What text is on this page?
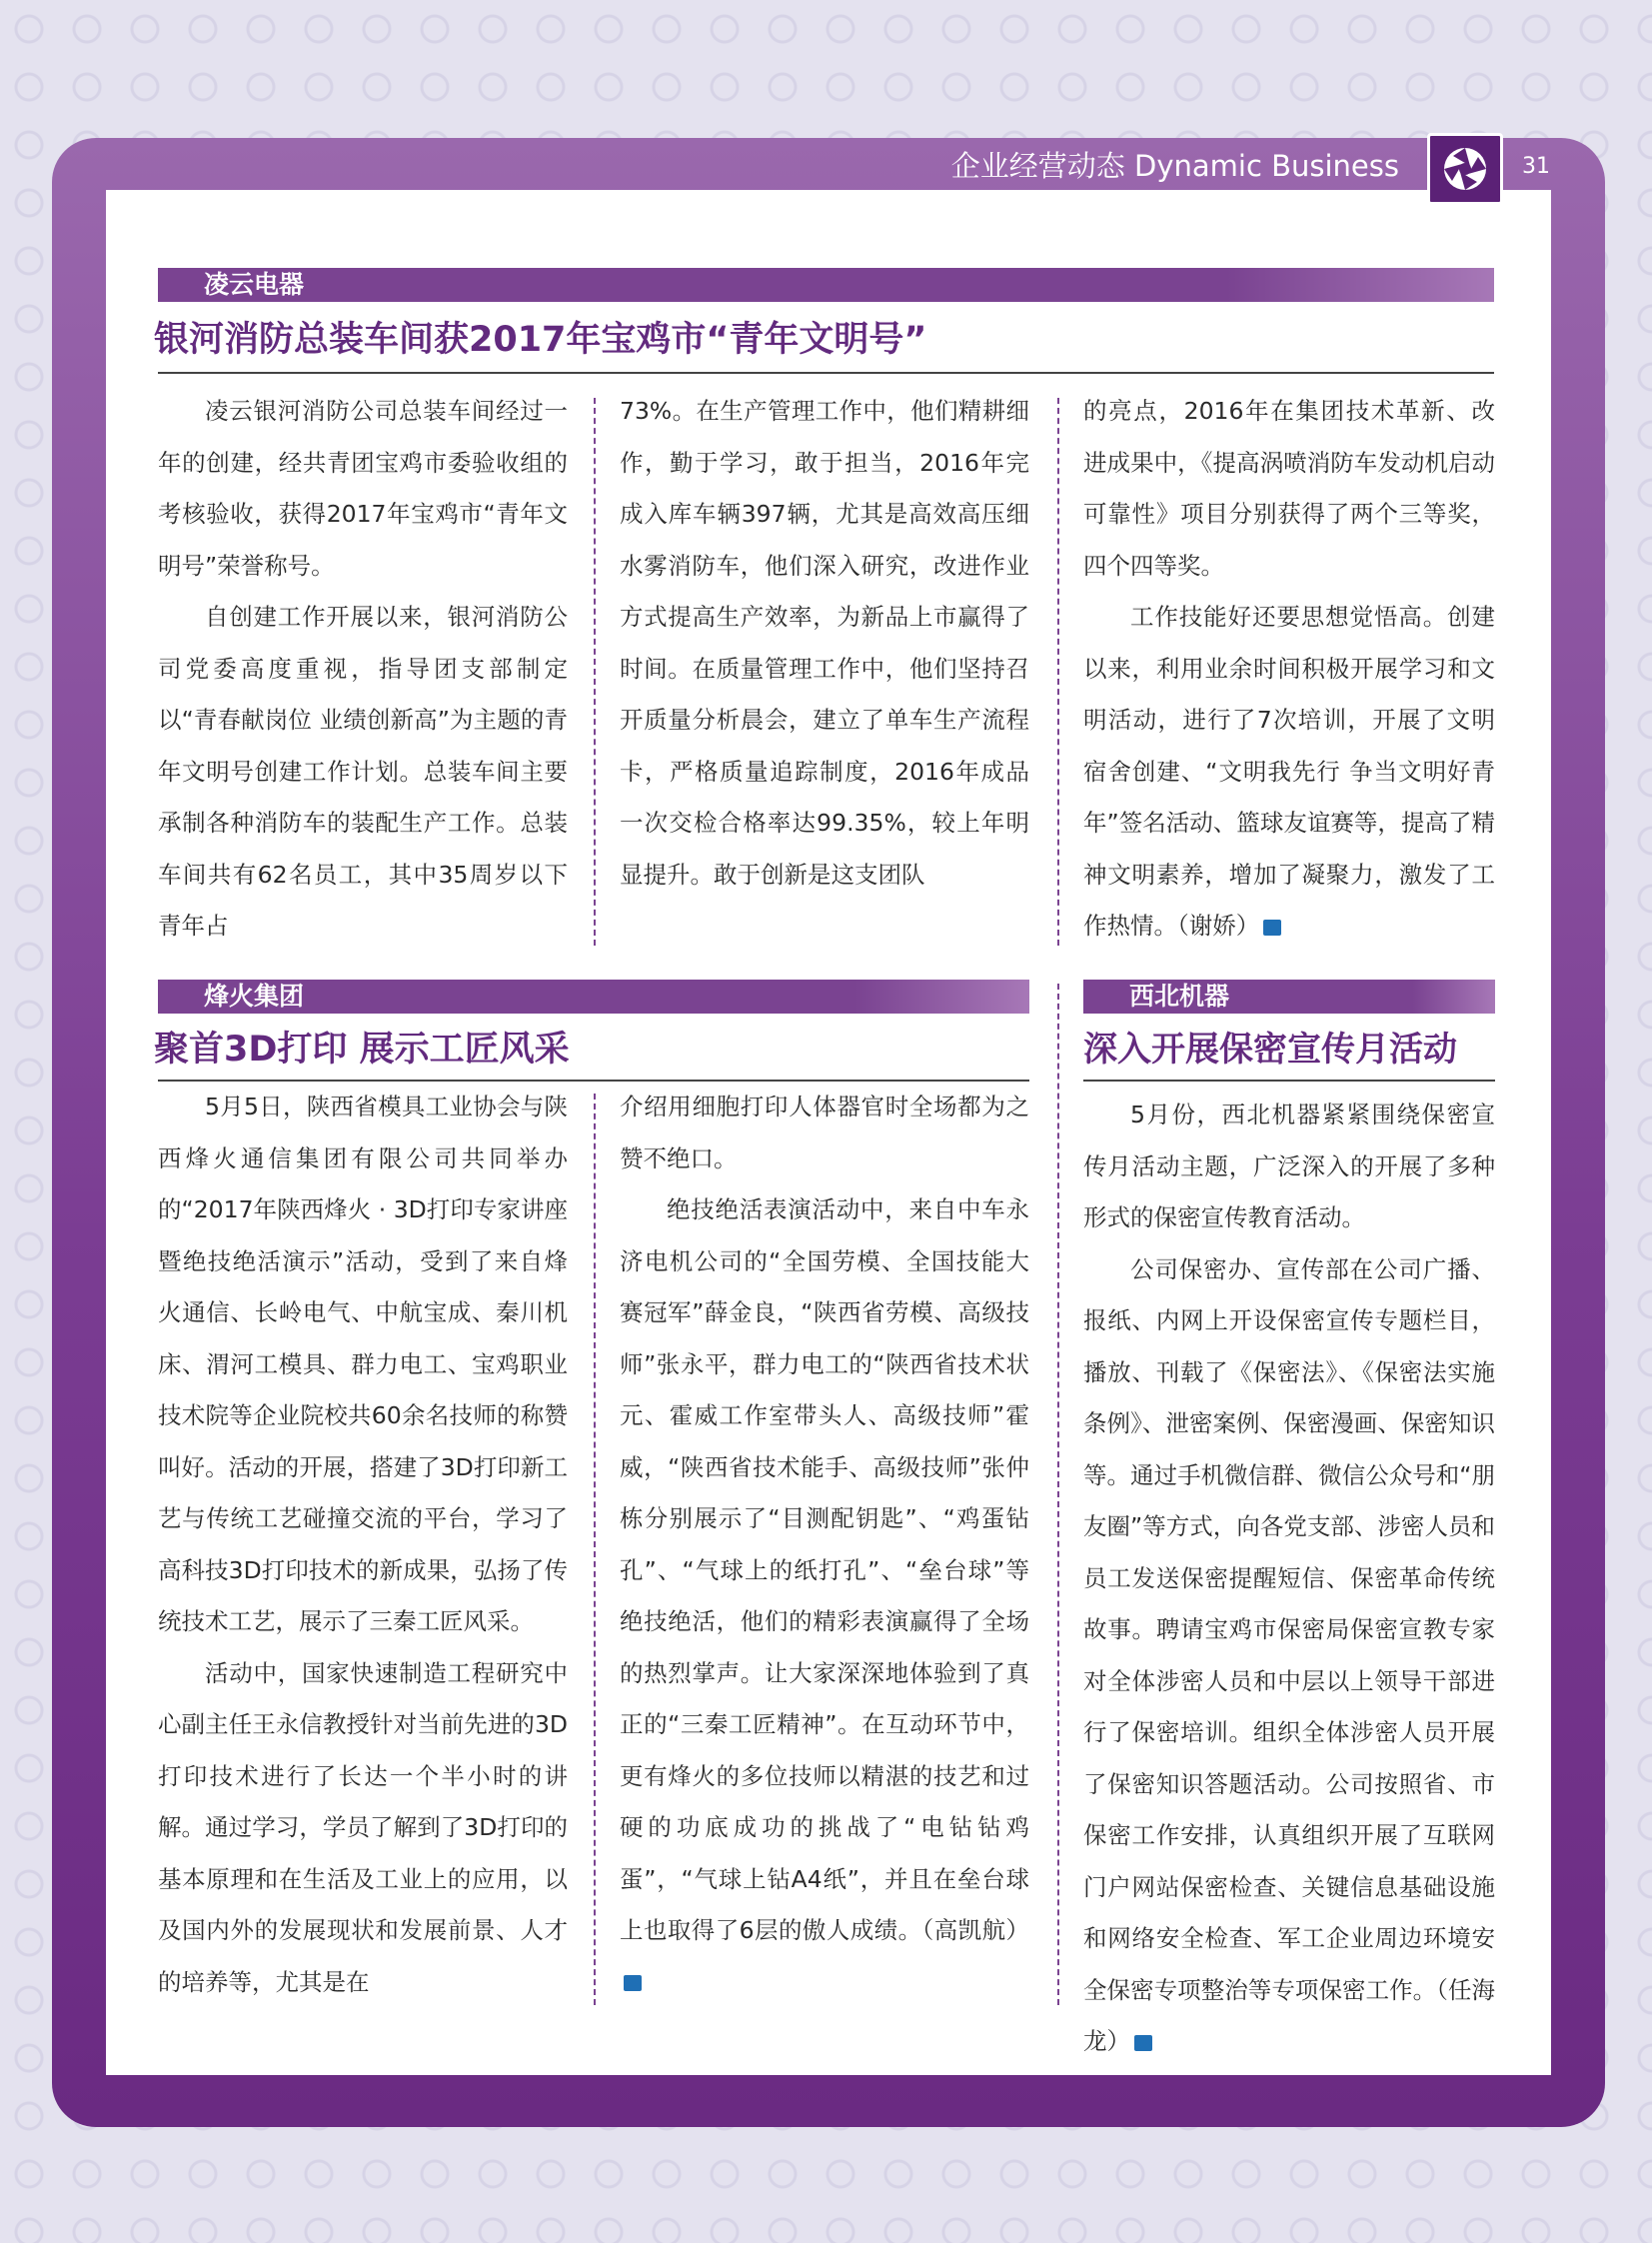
企业经营动态 Dynamic Business	31
凌云电器
银河消防总装车间获2017年宝鸡市“青年文明号”

凌云银河消防公司总装车间经过一年的创建，经共青团宝鸡市委验收组的考核验收，获得2017年宝鸡市“青年文明号”荣誉称号。

自创建工作开展以来，银河消防公司党委高度重视，指导团支部制定以“青春献岗位 业绩创新高”为主题的青年文明号创建工作计划。总装车间主要承制各种消防车的装配生产工作。总装车间共有62名员工，其中35周岁以下青年占

73%。在生产管理工作中，他们精耕细作，勤于学习，敢于担当，2016年完成入库车辆397辆，尤其是高效高压细水雾消防车，他们深入研究，改进作业方式提高生产效率，为新品上市赢得了时间。在质量管理工作中，他们坚持召开质量分析晨会，建立了单车生产流程卡，严格质量追踪制度，2016年成品一次交检合格率达99.35%，较上年明显提升。敢于创新是这支团队

的亮点，2016年在集团技术革新、改进成果中，《提高涡喷消防车发动机启动可靠性》项目分别获得了两个三等奖，四个四等奖。

工作技能好还要思想觉悟高。创建以来，利用业余时间积极开展学习和文明活动，进行了7次培训，开展了文明宿舍创建、“文明我先行 争当文明好青年”签名活动、篮球友谊赛等，提高了精神文明素养，增加了凝聚力，激发了工作热情。（谢娇）S

烽火集团
聚首3D打印 展示工匠风采

5月5日，陕西省模具工业协会与陕西烽火通信集团有限公司共同举办的“2017年陕西烽火 · 3D打印专家讲座暨绝技绝活演示”活动，受到了来自烽火通信、长岭电气、中航宝成、秦川机床、渭河工模具、群力电工、宝鸡职业技术院等企业院校共60余名技师的称赞叫好。活动的开展，搭建了3D打印新工艺与传统工艺碰撞交流的平台，学习了高科技3D打印技术的新成果，弘扬了传统技术工艺，展示了三秦工匠风采。

活动中，国家快速制造工程研究中心副主任王永信教授针对当前先进的3D打印技术进行了长达一个半小时的讲解。通过学习，学员了解到了3D打印的基本原理和在生活及工业上的应用，以及国内外的发展现状和发展前景、人才的培养等，尤其是在

介绍用细胞打印人体器官时全场都为之赞不绝口。

绝技绝活表演活动中，来自中车永济电机公司的“全国劳模、全国技能大赛冠军”薛金良，“陕西省劳模、高级技师”张永平，群力电工的“陕西省技术状元、霍威工作室带头人、高级技师”霍威，“陕西省技术能手、高级技师”张仲栋分别展示了“目测配钥匙”、“鸡蛋钻孔”、“气球上的纸打孔”、“垒台球”等绝技绝活，他们的精彩表演赢得了全场的热烈掌声。让大家深深地体验到了真正的“三秦工匠精神”。在互动环节中，更有烽火的多位技师以精湛的技艺和过硬的功底成功的挑战了“电钻钻鸡蛋”，“气球上钻A4纸”，并且在垒台球上也取得了6层的傲人成绩。（高凯航）S

西北机器
深入开展保密宣传月活动

5月份，西北机器紧紧围绕保密宣传月活动主题，广泛深入的开展了多种形式的保密宣传教育活动。

公司保密办、宣传部在公司广播、报纸、内网上开设保密宣传专题栏目，播放、刊载了《保密法》、《保密法实施条例》、泄密案例、保密漫画、保密知识等。通过手机微信群、微信公众号和“朋友圈”等方式，向各党支部、涉密人员和员工发送保密提醒短信、保密革命传统故事。聘请宝鸡市保密局保密宣教专家对全体涉密人员和中层以上领导干部进行了保密培训。组织全体涉密人员开展了保密知识答题活动。公司按照省、市保密工作安排，认真组织开展了互联网门户网站保密检查、关键信息基础设施和网络安全检查、军工企业周边环境安全保密专项整治等专项保密工作。（任海龙）S
